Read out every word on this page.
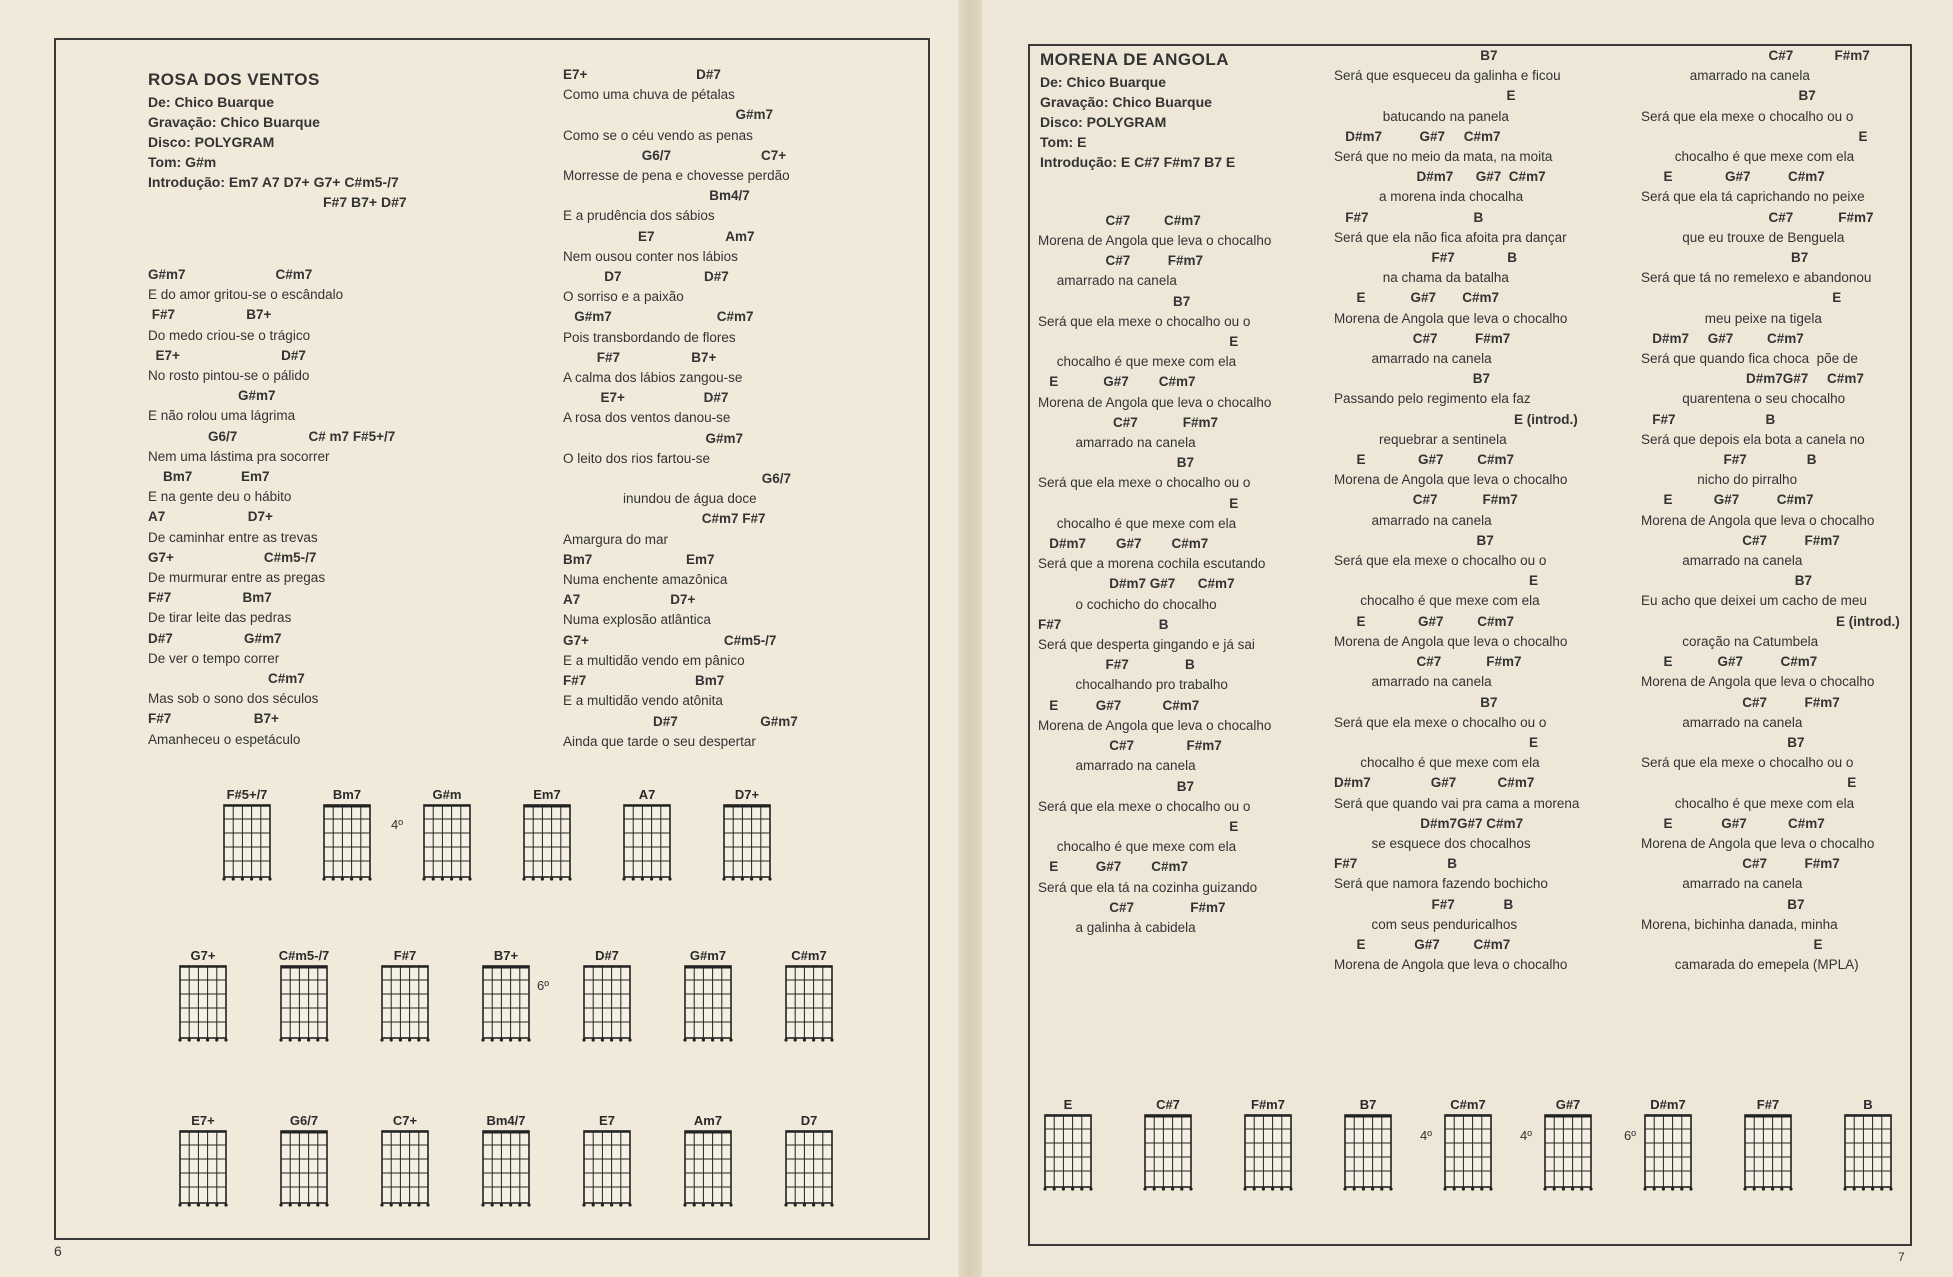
ROSA DOS VENTOS
De: Chico Buarque
Gravação: Chico Buarque
Disco: POLYGRAM
Tom: G#m
Introdução: Em7 A7 D7+ G7+ C#m5-/7
F#7 B7+ D#7
G#m7                        C#m7
E do amor gritou-se o escândalo
F#7                   B7+
Do medo criou-se o trágico
E7+                           D#7
No rosto pintou-se o pálido
G#m7
E não rolou uma lágrima
G6/7                   C# m7 F#5+/7
Nem uma lástima pra socorrer
Bm7             Em7
E na gente deu o hábito
A7                      D7+
De caminhar entre as trevas
G7+                        C#m5-/7
De murmurar entre as pregas
F#7                   Bm7
De tirar leite das pedras
D#7                   G#m7
De ver o tempo correr
C#m7
Mas sob o sono dos séculos
F#7                      B7+
Amanheceu o espetáculo
E7+                             D#7
Como uma chuva de pétalas
G#m7
Como se o céu vendo as penas
G6/7                        C7+
Morresse de pena e chovesse perdão
Bm4/7
E a prudência dos sábios
E7                   Am7
Nem ousou conter nos lábios
D7                      D#7
O sorriso e a paixão
G#m7                            C#m7
Pois transbordando de flores
F#7                   B7+
A calma dos lábios zangou-se
E7+                     D#7
A rosa dos ventos danou-se
G#m7
O leito dos rios fartou-se
G6/7
inundou de água doce
C#m7 F#7
Amargura do mar
Bm7                         Em7
Numa enchente amazônica
A7                        D7+
Numa explosão atlântica
G7+                                    C#m5-/7
E a multidão vendo em pânico
F#7                             Bm7
E a multidão vendo atônita
D#7                      G#m7
Ainda que tarde o seu despertar
F#5+/7	Bm7	G#m	Em7	A7	D7+
G7+	C#m5-/7	F#7	B7+	D#7	G#m7	C#m7
E7+	G6/7	C7+	Bm4/7	E7	Am7	D7
4º
6º
6
MORENA DE ANGOLA
De: Chico Buarque
Gravação: Chico Buarque
Disco: POLYGRAM
Tom: E
Introdução: E C#7 F#m7 B7 E

C#7         C#m7
Morena de Angola que leva o chocalho
C#7          F#m7
amarrado na canela
B7
Será que ela mexe o chocalho ou o
E
chocalho é que mexe com ela
E            G#7        C#m7
Morena de Angola que leva o chocalho
C#7            F#m7
amarrado na canela
B7
Será que ela mexe o chocalho ou o
E
chocalho é que mexe com ela
D#m7        G#7        C#m7
Será que a morena cochila escutando
D#m7 G#7      C#m7
o cochicho do chocalho
F#7                          B
Será que desperta gingando e já sai
F#7               B
chocalhando pro trabalho
E          G#7           C#m7
Morena de Angola que leva o chocalho
C#7              F#m7
amarrado na canela
B7
Será que ela mexe o chocalho ou o
E
chocalho é que mexe com ela
E          G#7        C#m7
Será que ela tá na cozinha guizando
C#7               F#m7
a galinha à cabidela
B7
Será que esqueceu da galinha e ficou
E
batucando na panela
D#m7          G#7     C#m7
Será que no meio da mata, na moita
D#m7      G#7  C#m7
a morena inda chocalha
F#7                            B
Será que ela não fica afoita pra dançar
F#7              B
na chama da batalha
E            G#7       C#m7
Morena de Angola que leva o chocalho
C#7          F#m7
amarrado na canela
B7
Passando pelo regimento ela faz
E (introd.)
requebrar a sentinela
E              G#7         C#m7
Morena de Angola que leva o chocalho
C#7            F#m7
amarrado na canela
B7
Será que ela mexe o chocalho ou o
E
chocalho é que mexe com ela
E              G#7         C#m7
Morena de Angola que leva o chocalho
C#7            F#m7
amarrado na canela
B7
Será que ela mexe o chocalho ou o
E
chocalho é que mexe com ela
D#m7                G#7           C#m7
Será que quando vai pra cama a morena
D#m7G#7 C#m7
se esquece dos chocalhos
F#7                        B
Será que namora fazendo bochicho
F#7             B
com seus penduricalhos
E             G#7         C#m7
Morena de Angola que leva o chocalho
C#7           F#m7
amarrado na canela
B7
Será que ela mexe o chocalho ou o
E
chocalho é que mexe com ela
E              G#7          C#m7
Será que ela tá caprichando no peixe
C#7            F#m7
que eu trouxe de Benguela
B7
Será que tá no remelexo e abandonou
E
meu peixe na tigela
D#m7     G#7         C#m7
Será que quando fica choca  põe de
D#m7G#7     C#m7
quarentena o seu chocalho
F#7                        B
Será que depois ela bota a canela no
F#7                B
nicho do pirralho
E           G#7          C#m7
Morena de Angola que leva o chocalho
C#7          F#m7
amarrado na canela
B7
Eu acho que deixei um cacho de meu
E (introd.)
coração na Catumbela
E            G#7          C#m7
Morena de Angola que leva o chocalho
C#7          F#m7
amarrado na canela
B7
Será que ela mexe o chocalho ou o
E
chocalho é que mexe com ela
E             G#7           C#m7
Morena de Angola que leva o chocalho
C#7          F#m7
amarrado na canela
B7
Morena, bichinha danada, minha
E
camarada do emepela (MPLA)
E	C#7	F#m7	B7	C#m7	G#7	D#m7	F#7	B
4º	4º	6º
7
